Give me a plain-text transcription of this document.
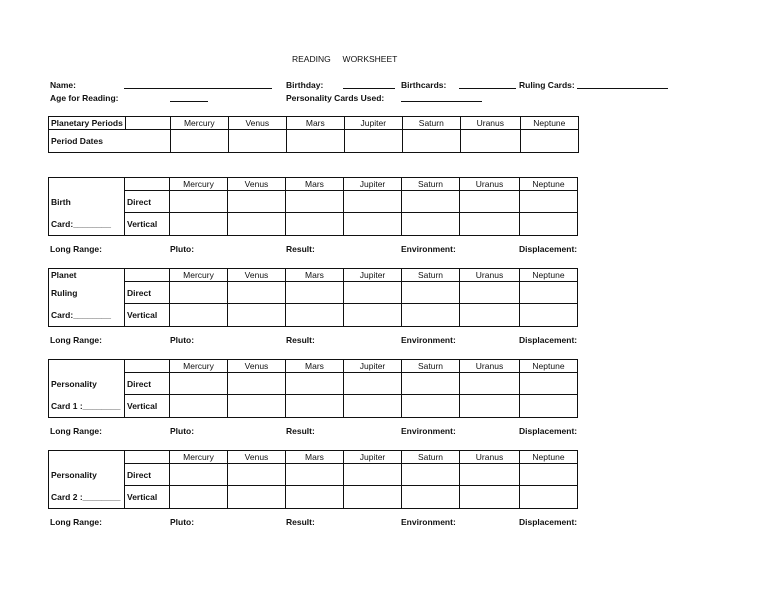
READING WORKSHEET
Name:	Birthday:	Birthcards:	Ruling Cards:
Age for Reading:	Personality Cards Used:
Planetary Periods		Mercury	Venus	Mars	Jupiter	Saturn	Uranus	Neptune
Period Dates								
		Mercury	Venus	Mars	Jupiter	Saturn	Uranus	Neptune
Birth	Direct							
Card:________	Vertical							
Long Range:	Pluto:	Result:	Environment:	Displacement:
Planet		Mercury	Venus	Mars	Jupiter	Saturn	Uranus	Neptune
Ruling	Direct							
Card:________	Vertical							
Long Range:	Pluto:	Result:	Environment:	Displacement:
		Mercury	Venus	Mars	Jupiter	Saturn	Uranus	Neptune
Personality	Direct							
Card 1 :________	Vertical							
Long Range:	Pluto:	Result:	Environment:	Displacement:
		Mercury	Venus	Mars	Jupiter	Saturn	Uranus	Neptune
Personality	Direct							
Card 2 :________	Vertical							
Long Range:	Pluto:	Result:	Environment:	Displacement:
